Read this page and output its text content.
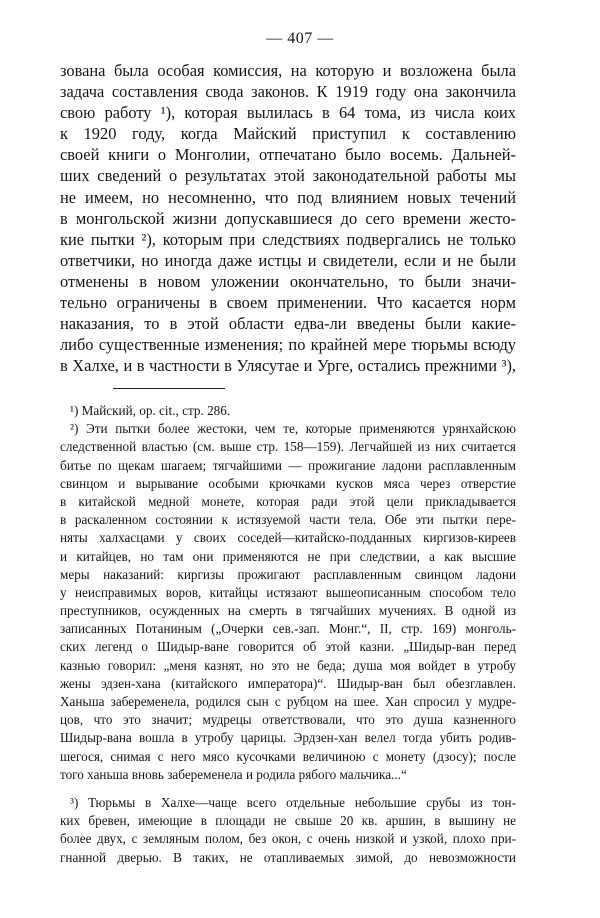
— 407 —
зована была особая комиссия, на которую и возложена была
задача составления свода законов. К 1919 году она закончила
свою работу ¹), которая вылилась в 64 тома, из числа коих
к 1920 году, когда Майский приступил к составлению
своей книги о Монголии, отпечатано было восемь. Дальней-
ших сведений о результатах этой законодательной работы мы
не имеем, но несомненно, что под влиянием новых течений
в монгольской жизни допускавшиеся до сего времени жесто-
кие пытки ²), которым при следствиях подвергались не только
ответчики, но иногда даже истцы и свидетели, если и не были
отменены в новом уложении окончательно, то были значи-
тельно ограничены в своем применении. Что касается норм
наказания, то в этой области едва-ли введены были какие-
либо существенные изменения; по крайней мере тюрьмы всюду
в Халхе, и в частности в Улясутае и Урге, остались прежними ³),
¹) Майский, op. cit., стр. 286.
²) Эти пытки более жестоки, чем те, которые применяются урянхайскою
следственной властью (см. выше стр. 158—159). Легчайшей из них считается
битье по щекам шагаем; тягчайшими — прожигание ладони расплавленным
свинцом и вырывание особыми крючками кусков мяса через отверстие
в китайской медной монете, которая ради этой цели прикладывается
в раскаленном состоянии к истязуемой части тела. Обе эти пытки пере-
няты халхасцами у своих соседей—китайско-подданных киргизов-киреев
и китайцев, но там они применяются не при следствии, а как высшие
меры наказаний: киргизы прожигают расплавленным свинцом ладони
у неисправимых воров, китайцы истязают вышеописанным способом тело
преступников, осужденных на смерть в тягчайших мучениях. В одной из
записанных Потаниным („Очерки сев.-зап. Монг.“, II, стр. 169) монголь-
ских легенд о Шидыр-ване говорится об этой казни. „Шидыр-ван перед
казнью говорил: „меня казнят, но это не беда; душа моя войдет в утробу
жены эдзен-хана (китайского императора)“. Шидыр-ван был обезглавлен.
Ханьша забеременела, родился сын с рубцом на шее. Хан спросил у мудре-
цов, что это значит; мудрецы ответствовали, что это душа казненного
Шидыр-вана вошла в утробу царицы. Эрдзен-хан велел тогда убить родив-
шегося, снимая с него мясо кусочками величиною с монету (дзосу); после
того ханьша вновь забеременела и родила рябого мальчика...“
³) Тюрьмы в Халхе—чаще всего отдельные небольшие срубы из тон-
ких бревен, имеющие в площади не свыше 20 кв. аршин, в вышину не
более двух, с земляным полом, без окон, с очень низкой и узкой, плохо при-
гнанной дверью. В таких, не отапливаемых зимой, до невозможности
